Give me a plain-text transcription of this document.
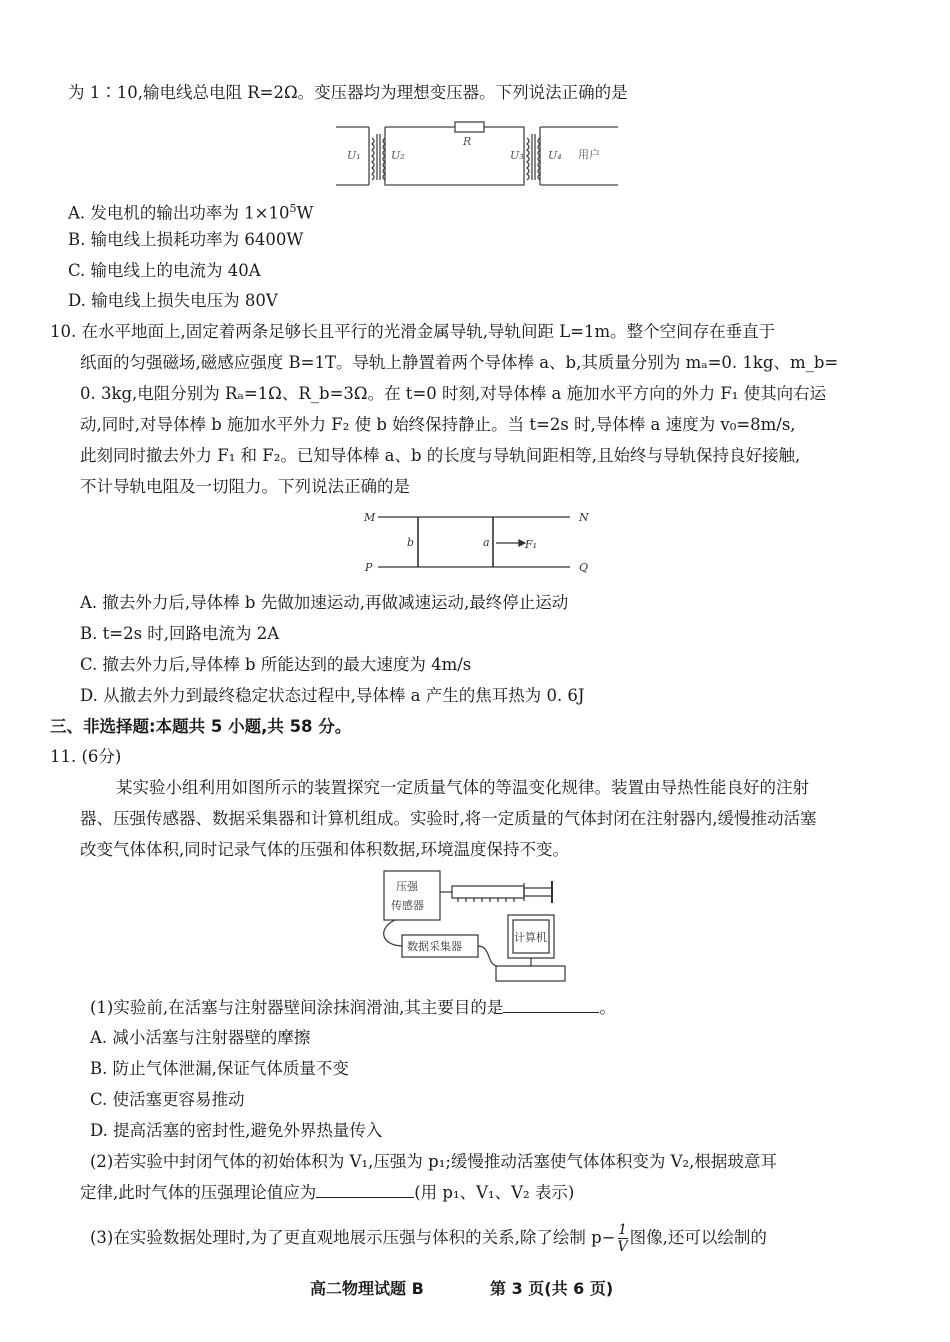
为 1∶10,输电线总电阻 R=2Ω。变压器均为理想变压器。下列说法正确的是
U₁	U₂
R
U₃ U₄ 用户
A. 发电机的输出功率为 $1\times 10^5W$
B. 输电线上损耗功率为 6400W
C. 输电线上的电流为 40A
D. 输电线上损失电压为 80V
10. 在水平地面上,固定着两条足够长且平行的光滑金属导轨,导轨间距 L=1m。整个空间存在垂直于
纸面的匀强磁场,磁感应强度 B=1T。导轨上静置着两个导体棒 a、b,其质量分别为 mₐ=0. 1kg、m_b=
0. 3kg,电阻分别为 Rₐ=1Ω、R_b=3Ω。在 t=0 时刻,对导体棒 a 施加水平方向的外力 F₁ 使其向右运
动,同时,对导体棒 b 施加水平外力 F₂ 使 b 始终保持静止。当 t=2s 时,导体棒 a 速度为 v₀=8m/s,
此刻同时撤去外力 F₁ 和 F₂。已知导体棒 a、b 的长度与导轨间距相等,且始终与导轨保持良好接触,
不计导轨电阻及一切阻力。下列说法正确的是
M	N
P	Q
b	a	F₁
A. 撤去外力后,导体棒 b 先做加速运动,再做减速运动,最终停止运动
B. t=2s 时,回路电流为 2A
C. 撤去外力后,导体棒 b 所能达到的最大速度为 4m/s
D. 从撤去外力到最终稳定状态过程中,导体棒 a 产生的焦耳热为 0. 6J
三、非选择题:本题共 5 小题,共 58 分。
11. (6分)
某实验小组利用如图所示的装置探究一定质量气体的等温变化规律。装置由导热性能良好的注射
器、压强传感器、数据采集器和计算机组成。实验时,将一定质量的气体封闭在注射器内,缓慢推动活塞
改变气体体积,同时记录气体的压强和体积数据,环境温度保持不变。
压强
传感器
数据采集器
计算机
(1)实验前,在活塞与注射器壁间涂抹润滑油,其主要目的是	。
A. 减小活塞与注射器壁的摩擦
B. 防止气体泄漏,保证气体质量不变
C. 使活塞更容易推动
D. 提高活塞的密封性,避免外界热量传入
(2)若实验中封闭气体的初始体积为 V₁,压强为 p₁;缓慢推动活塞使气体体积变为 V₂,根据玻意耳
定律,此时气体的压强理论值应为	(用 p₁、V₁、V₂ 表示)
(3)在实验数据处理时,为了更直观地展示压强与体积的关系,除了绘制 $p- \frac{1}{V}$ 图像,还可以绘制的
高二物理试题 B	第 3 页(共 6 页)
